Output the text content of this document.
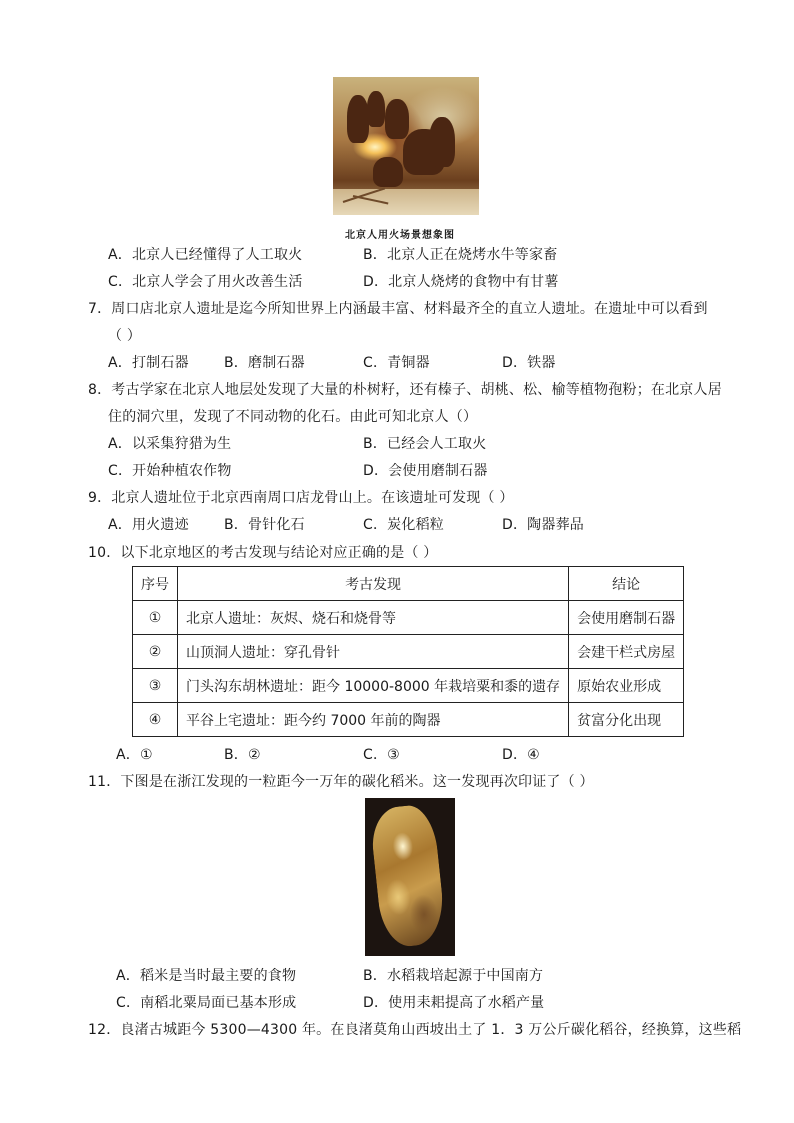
北京人用火场景想象图
A．北京人已经懂得了人工取火	B．北京人正在烧烤水牛等家畜
C．北京人学会了用火改善生活	D．北京人烧烤的食物中有甘薯
7．周口店北京人遗址是迄今所知世界上内涵最丰富、材料最齐全的直立人遗址。在遗址中可以看到
（ ）
A．打制石器	B．磨制石器	C．青铜器	D．铁器
8．考古学家在北京人地层处发现了大量的朴树籽，还有榛子、胡桃、松、榆等植物孢粉；在北京人居
住的洞穴里，发现了不同动物的化石。由此可知北京人（）
A．以采集狩猎为生	B．已经会人工取火
C．开始种植农作物	D．会使用磨制石器
9．北京人遗址位于北京西南周口店龙骨山上。在该遗址可发现（ ）
A．用火遗迹	B．骨针化石	C．炭化稻粒	D．陶器葬品
10．以下北京地区的考古发现与结论对应正确的是（ ）
序号	考古发现	结论
①	北京人遗址：灰烬、烧石和烧骨等	会使用磨制石器
②	山顶洞人遗址：穿孔骨针	会建干栏式房屋
③	门头沟东胡林遗址：距今 10000-8000 年栽培粟和黍的遗存	原始农业形成
④	平谷上宅遗址：距今约 7000 年前的陶器	贫富分化出现
A．①	B．②	C．③	D．④
11．下图是在浙江发现的一粒距今一万年的碳化稻米。这一发现再次印证了（ ）
A．稻米是当时最主要的食物	B．水稻栽培起源于中国南方
C．南稻北粟局面已基本形成	D．使用耒耜提高了水稻产量
12．良渚古城距今 5300—4300 年。在良渚莫角山西坡出土了 1．3 万公斤碳化稻谷，经换算，这些稻
